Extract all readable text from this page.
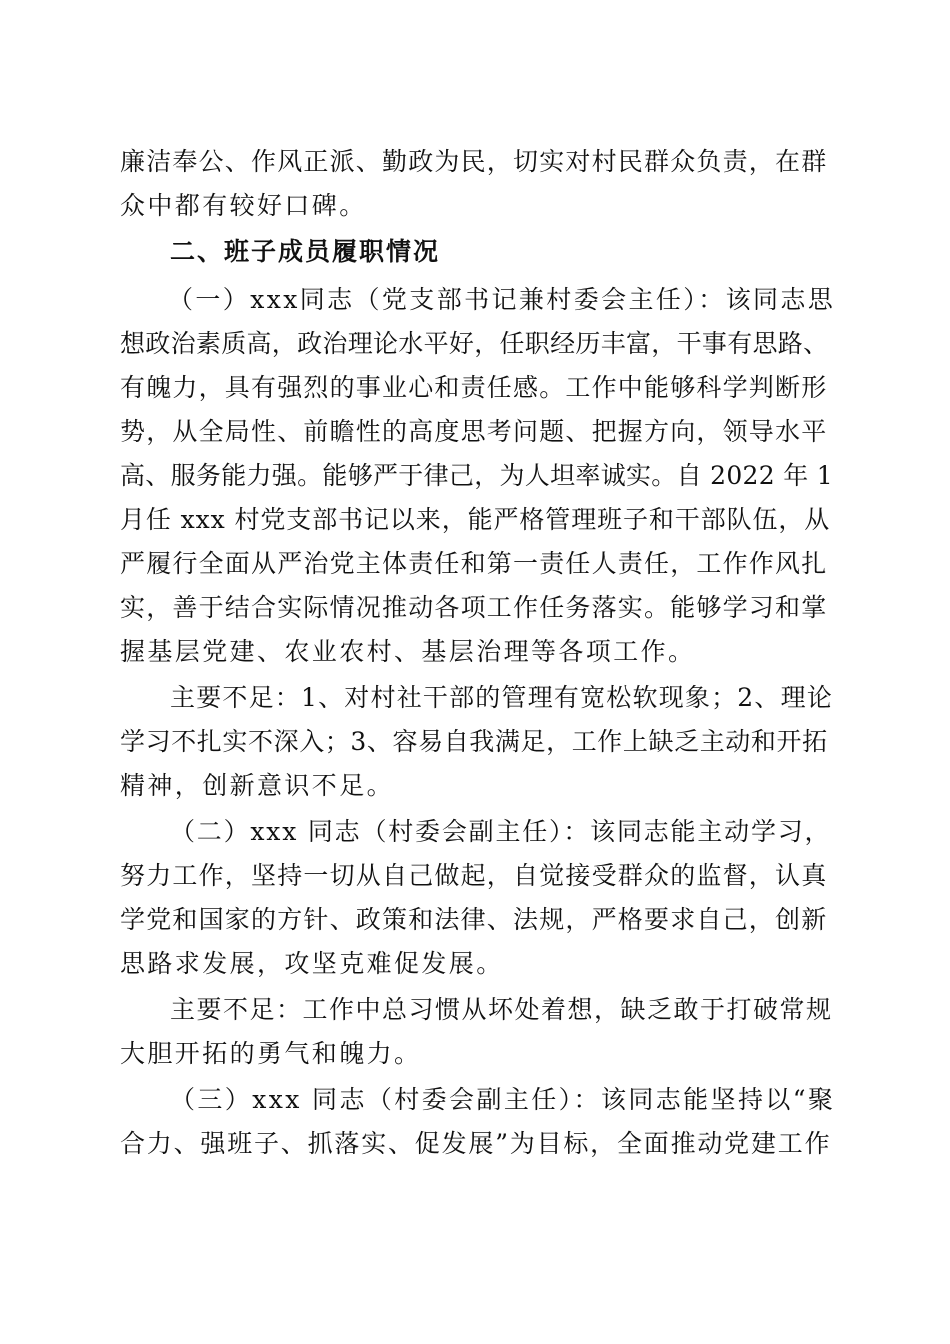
廉洁奉公、作风正派、勤政为民，切实对村民群众负责，在群
众中都有较好口碑。
二、班子成员履职情况
（一）xxx同志（党支部书记兼村委会主任）：该同志思
想政治素质高，政治理论水平好，任职经历丰富，干事有思路、
有魄力，具有强烈的事业心和责任感。工作中能够科学判断形
势，从全局性、前瞻性的高度思考问题、把握方向，领导水平
高、服务能力强。能够严于律己，为人坦率诚实。自 2022 年 1
月任 xxx 村党支部书记以来，能严格管理班子和干部队伍，从
严履行全面从严治党主体责任和第一责任人责任，工作作风扎
实，善于结合实际情况推动各项工作任务落实。能够学习和掌
握基层党建、农业农村、基层治理等各项工作。
主要不足：1、对村社干部的管理有宽松软现象；2、理论
学习不扎实不深入；3、容易自我满足，工作上缺乏主动和开拓
精神，创新意识不足。
（二）xxx 同志（村委会副主任）：该同志能主动学习，
努力工作，坚持一切从自己做起，自觉接受群众的监督，认真
学党和国家的方针、政策和法律、法规，严格要求自己，创新
思路求发展，攻坚克难促发展。
主要不足：工作中总习惯从坏处着想，缺乏敢于打破常规
大胆开拓的勇气和魄力。
（三）xxx 同志（村委会副主任）：该同志能坚持以“聚
合力、强班子、抓落实、促发展”为目标，全面推动党建工作
